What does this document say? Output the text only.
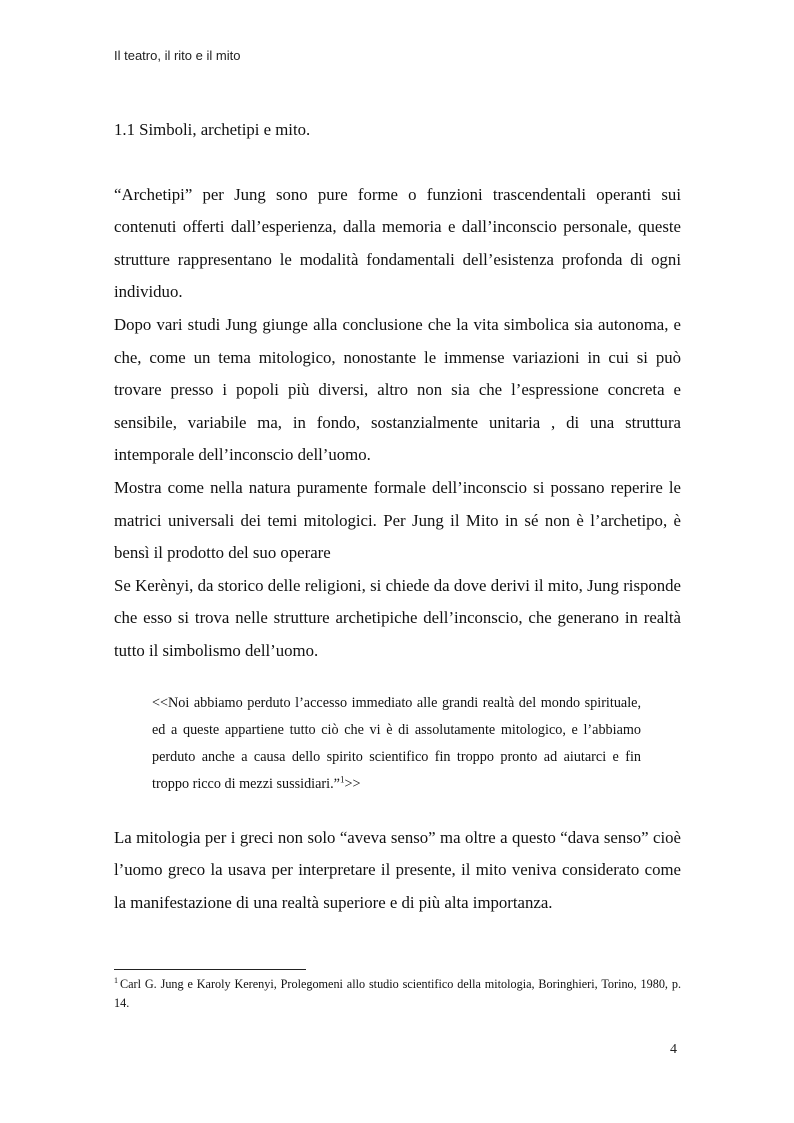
Il teatro, il rito e il mito
1.1 Simboli, archetipi e mito.

“Archetipi” per Jung sono pure forme o funzioni trascendentali operanti sui contenuti offerti dall’esperienza, dalla memoria e dall’inconscio personale, queste strutture rappresentano le modalità fondamentali dell’esistenza profonda di ogni individuo.

Dopo vari studi Jung giunge alla conclusione che la vita simbolica sia autonoma, e che, come un tema mitologico, nonostante le immense variazioni in cui si può trovare presso i popoli più diversi, altro non sia che l’espressione concreta e sensibile, variabile ma, in fondo, sostanzialmente unitaria , di una struttura intemporale dell’inconscio dell’uomo.

Mostra come nella natura puramente formale dell’inconscio si possano reperire le matrici universali dei temi mitologici. Per Jung il Mito in sé non è l’archetipo, è bensì il prodotto del suo operare

Se Kerènyi, da storico delle religioni, si chiede da dove derivi il mito, Jung risponde che esso si trova nelle strutture archetipiche dell’inconscio, che generano in realtà tutto il simbolismo dell’uomo.

<<Noi abbiamo perduto l’accesso immediato alle grandi realtà del mondo spirituale, ed a queste appartiene tutto ciò che vi è di assolutamente mitologico, e l’abbiamo perduto anche a causa dello spirito scientifico fin troppo pronto ad aiutarci e fin troppo ricco di mezzi sussidiari.”$^1$>>

La mitologia per i greci non solo “aveva senso” ma oltre a questo “dava senso” cioè l’uomo greco la usava per interpretare il presente, il mito veniva considerato come la manifestazione di una realtà superiore e di più alta importanza.

$^1$ Carl G. Jung e Karoly Kerenyi, Prolegomeni allo studio scientifico della mitologia, Boringhieri, Torino, 1980, p. 14.
4
